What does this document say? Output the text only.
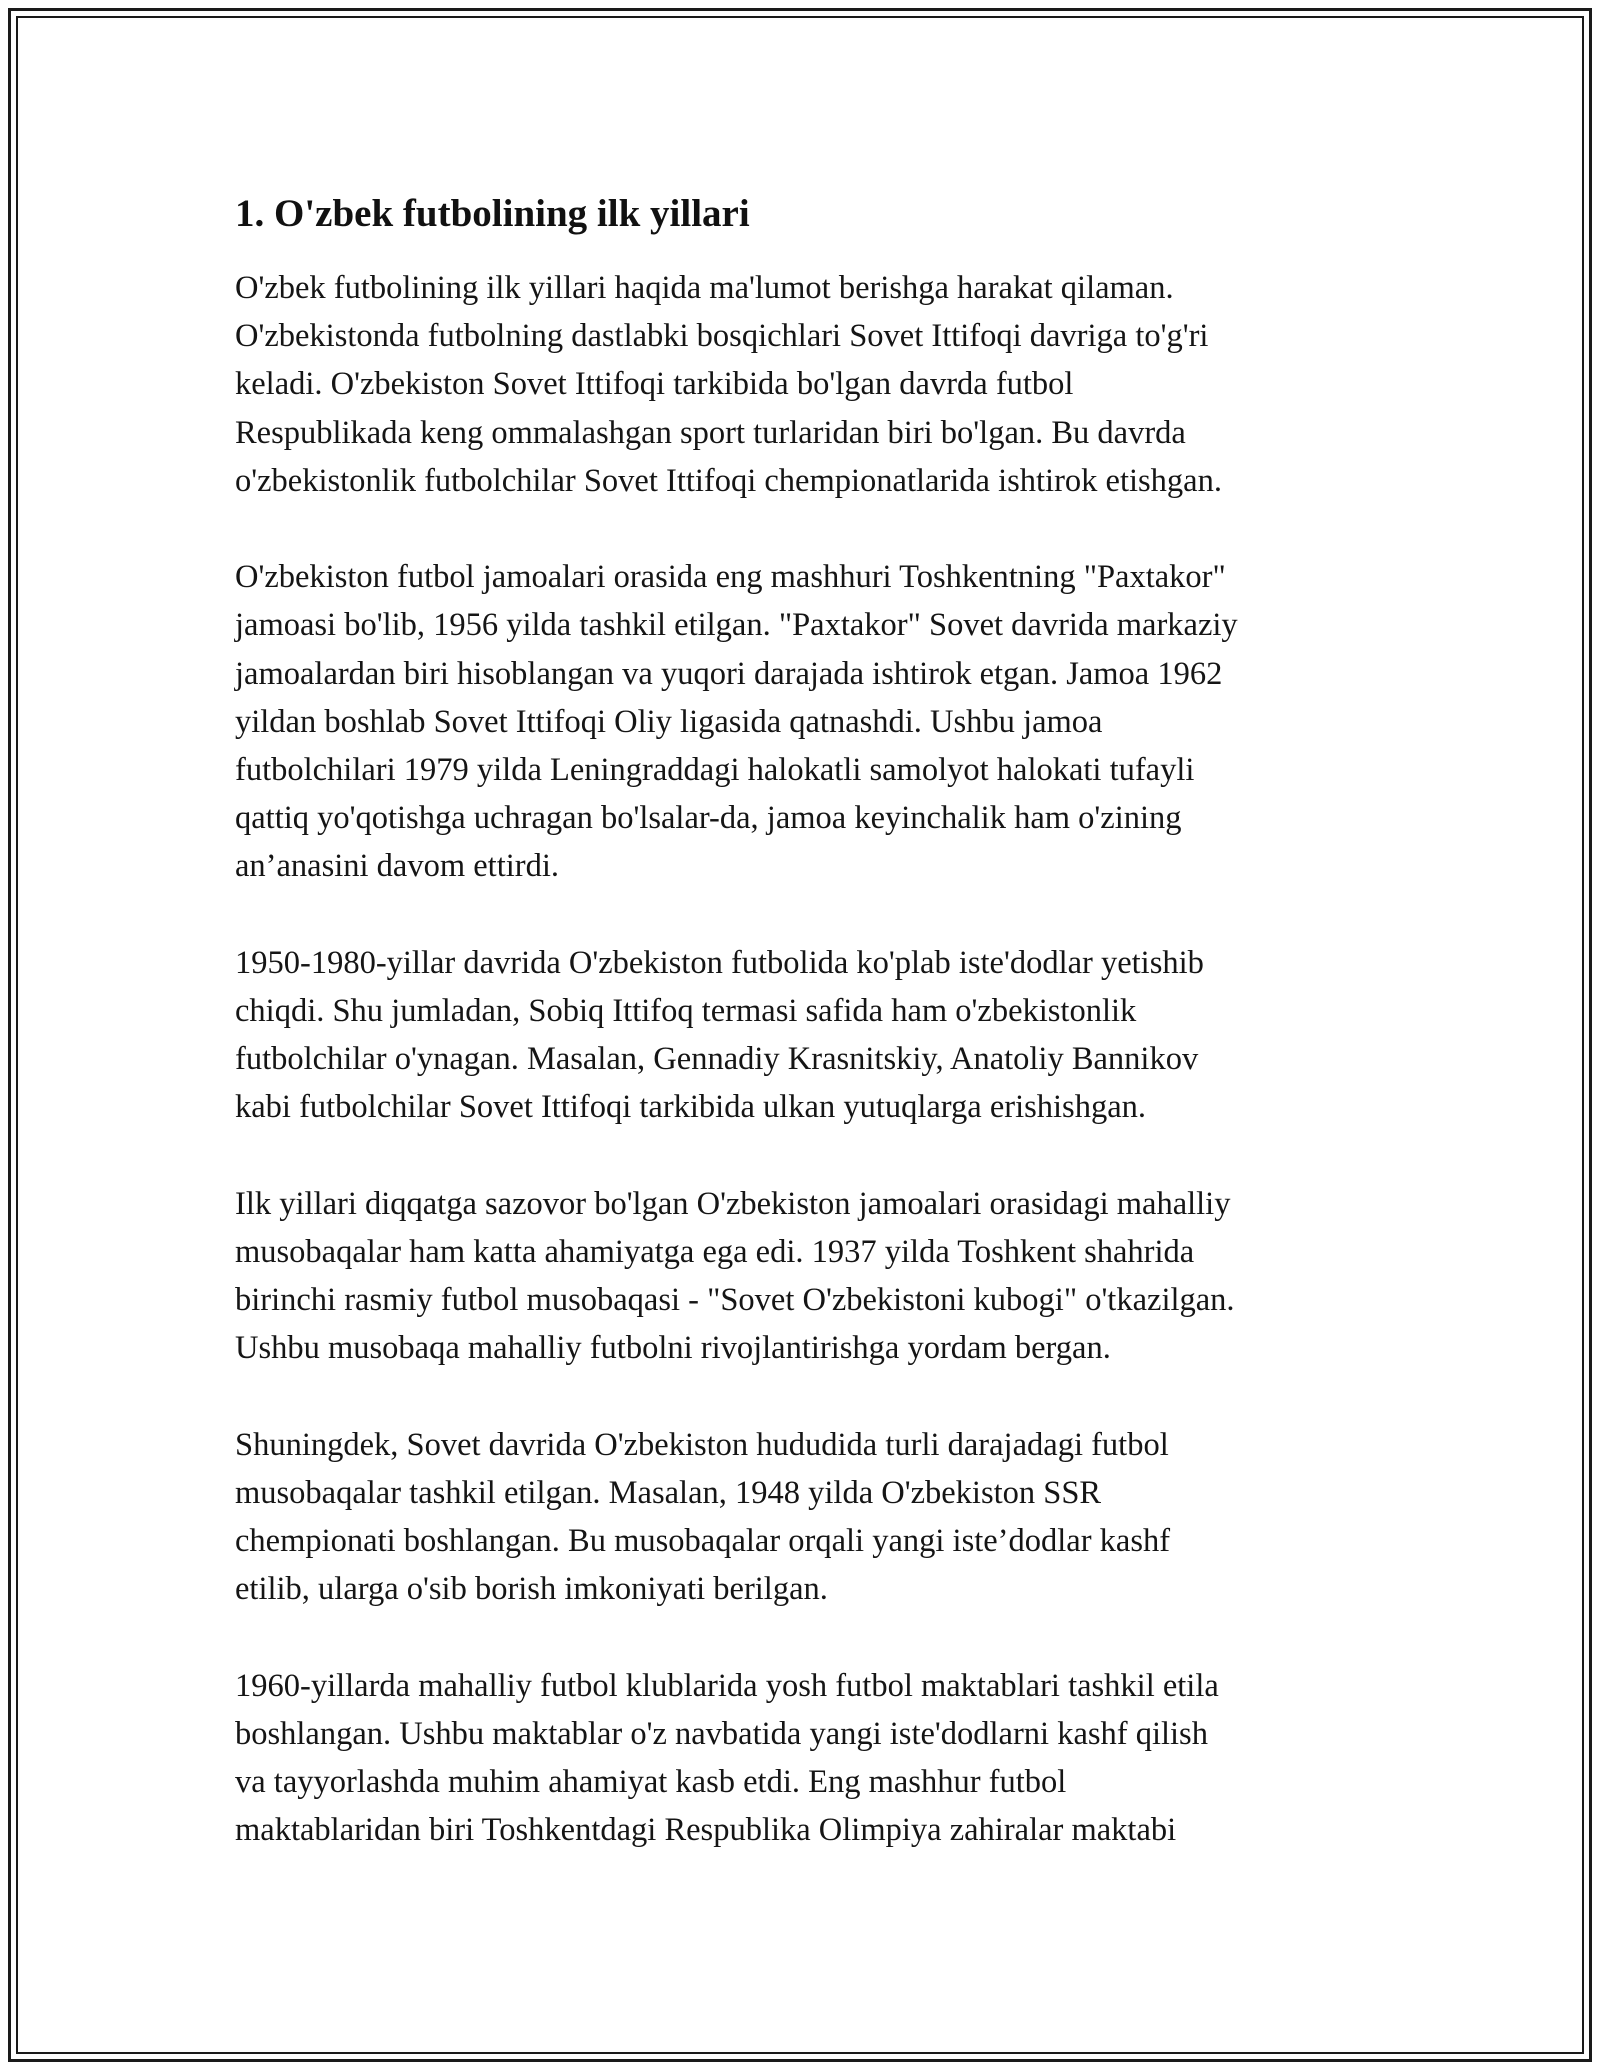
1. O'zbek futbolining ilk yillari

O'zbek futbolining ilk yillari haqida ma'lumot berishga harakat qilaman.
O'zbekistonda futbolning dastlabki bosqichlari Sovet Ittifoqi davriga to'g'ri
keladi. O'zbekiston Sovet Ittifoqi tarkibida bo'lgan davrda futbol
Respublikada keng ommalashgan sport turlaridan biri bo'lgan. Bu davrda
o'zbekistonlik futbolchilar Sovet Ittifoqi chempionatlarida ishtirok etishgan.

O'zbekiston futbol jamoalari orasida eng mashhuri Toshkentning "Paxtakor"
jamoasi bo'lib, 1956 yilda tashkil etilgan. "Paxtakor" Sovet davrida markaziy
jamoalardan biri hisoblangan va yuqori darajada ishtirok etgan. Jamoa 1962
yildan boshlab Sovet Ittifoqi Oliy ligasida qatnashdi. Ushbu jamoa
futbolchilari 1979 yilda Leningraddagi halokatli samolyot halokati tufayli
qattiq yo'qotishga uchragan bo'lsalar-da, jamoa keyinchalik ham o'zining
an’anasini davom ettirdi.

1950-1980-yillar davrida O'zbekiston futbolida ko'plab iste'dodlar yetishib
chiqdi. Shu jumladan, Sobiq Ittifoq termasi safida ham o'zbekistonlik
futbolchilar o'ynagan. Masalan, Gennadiy Krasnitskiy, Anatoliy Bannikov
kabi futbolchilar Sovet Ittifoqi tarkibida ulkan yutuqlarga erishishgan.

Ilk yillari diqqatga sazovor bo'lgan O'zbekiston jamoalari orasidagi mahalliy
musobaqalar ham katta ahamiyatga ega edi. 1937 yilda Toshkent shahrida
birinchi rasmiy futbol musobaqasi - "Sovet O'zbekistoni kubogi" o'tkazilgan.
Ushbu musobaqa mahalliy futbolni rivojlantirishga yordam bergan.

Shuningdek, Sovet davrida O'zbekiston hududida turli darajadagi futbol
musobaqalar tashkil etilgan. Masalan, 1948 yilda O'zbekiston SSR
chempionati boshlangan. Bu musobaqalar orqali yangi iste’dodlar kashf
etilib, ularga o'sib borish imkoniyati berilgan.

1960-yillarda mahalliy futbol klublarida yosh futbol maktablari tashkil etila
boshlangan. Ushbu maktablar o'z navbatida yangi iste'dodlarni kashf qilish
va tayyorlashda muhim ahamiyat kasb etdi. Eng mashhur futbol
maktablaridan biri Toshkentdagi Respublika Olimpiya zahiralar maktabi
